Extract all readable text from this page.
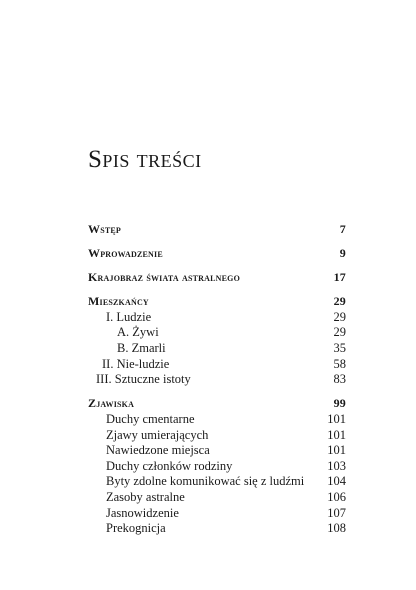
Spis treści
Wstęp	7
Wprowadzenie	9
Krajobraz świata astralnego	17
Mieszkańcy	29
I. Ludzie	29
A. Żywi	29
B. Zmarli	35
II. Nie-ludzie	58
III. Sztuczne istoty	83
Zjawiska	99
Duchy cmentarne	101
Zjawy umierających	101
Nawiedzone miejsca	101
Duchy członków rodziny	103
Byty zdolne komunikować się z ludźmi	104
Zasoby astralne	106
Jasnowidzenie	107
Prekognicja	108
